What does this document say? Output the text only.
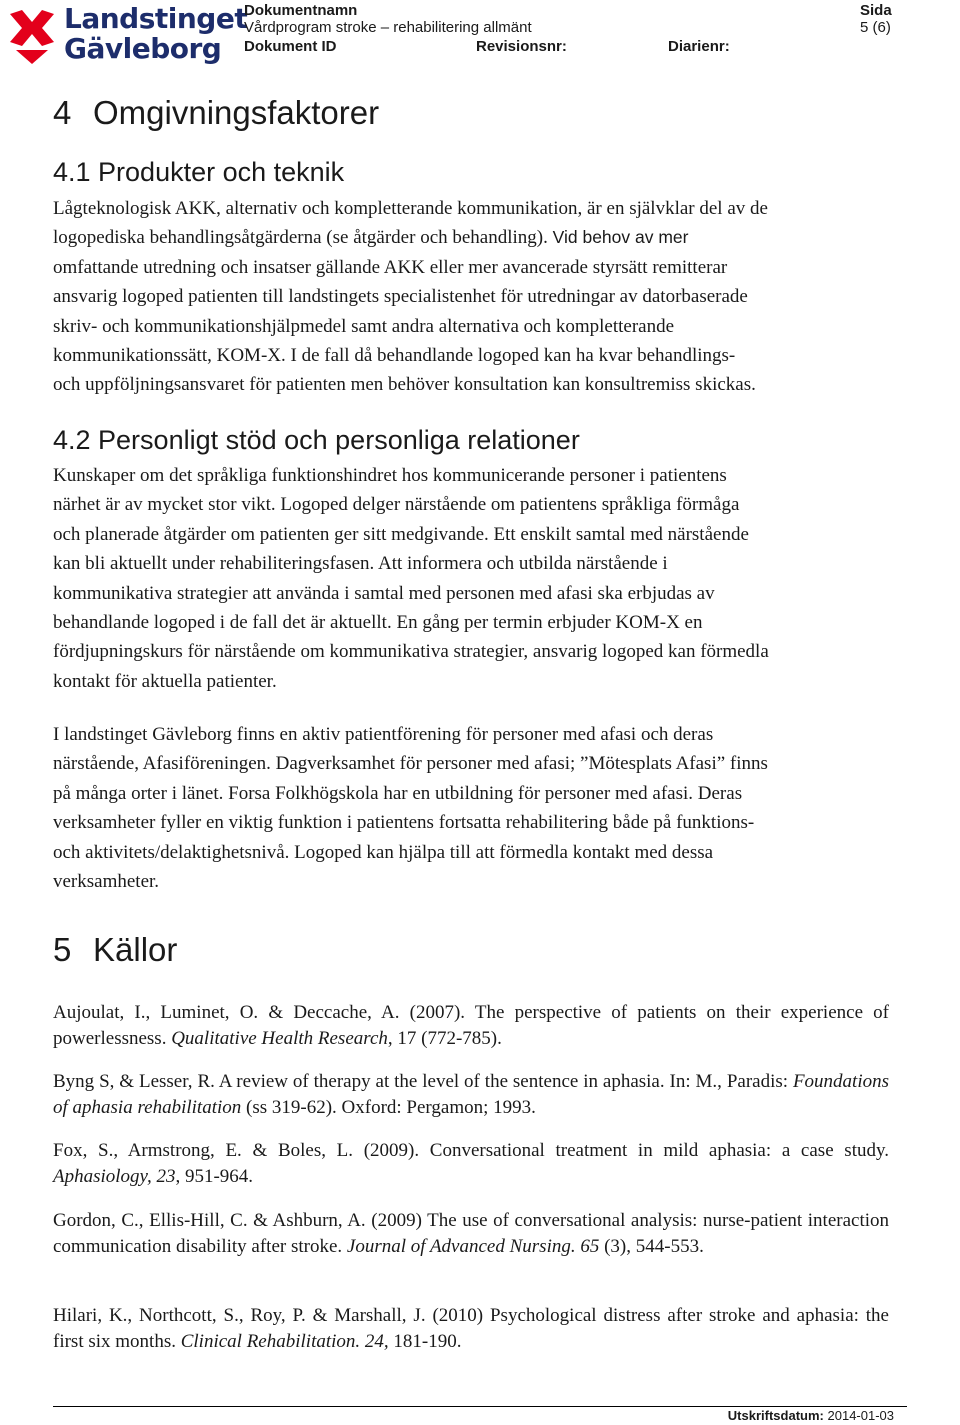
Landstinget
Gävleborg
Dokumentnamn
Vårdprogram stroke – rehabilitering allmänt
Dokument ID	Revisionsnr:	Diarienr:
Sida
5 (6)
4 Omgivningsfaktorer
4.1 Produkter och teknik
Lågteknologisk AKK, alternativ och kompletterande kommunikation, är en självklar del av de
logopediska behandlingsåtgärderna (se åtgärder och behandling). Vid behov av mer
omfattande utredning och insatser gällande AKK eller mer avancerade styrsätt remitterar
ansvarig logoped patienten till landstingets specialistenhet för utredningar av datorbaserade
skriv- och kommunikationshjälpmedel samt andra alternativa och kompletterande
kommunikationssätt, KOM-X. I de fall då behandlande logoped kan ha kvar behandlings-
och uppföljningsansvaret för patienten men behöver konsultation kan konsultremiss skickas.
4.2 Personligt stöd och personliga relationer
Kunskaper om det språkliga funktionshindret hos kommunicerande personer i patientens
närhet är av mycket stor vikt. Logoped delger närstående om patientens språkliga förmåga
och planerade åtgärder om patienten ger sitt medgivande. Ett enskilt samtal med närstående
kan bli aktuellt under rehabiliteringsfasen. Att informera och utbilda närstående i
kommunikativa strategier att använda i samtal med personen med afasi ska erbjudas av
behandlande logoped i de fall det är aktuellt. En gång per termin erbjuder KOM-X en
fördjupningskurs för närstående om kommunikativa strategier, ansvarig logoped kan förmedla
kontakt för aktuella patienter.
I landstinget Gävleborg finns en aktiv patientförening för personer med afasi och deras
närstående, Afasiföreningen. Dagverksamhet för personer med afasi; ”Mötesplats Afasi” finns
på många orter i länet. Forsa Folkhögskola har en utbildning för personer med afasi. Deras
verksamheter fyller en viktig funktion i patientens fortsatta rehabilitering både på funktions-
och aktivitets/delaktighetsnivå. Logoped kan hjälpa till att förmedla kontakt med dessa
verksamheter.
5 Källor
Aujoulat, I., Luminet, O. & Deccache, A. (2007). The perspective of patients on their experience of powerlessness. Qualitative Health Research, 17 (772-785).
Byng S, & Lesser, R. A review of therapy at the level of the sentence in aphasia. In: M., Paradis: Foundations of aphasia rehabilitation (ss 319-62). Oxford: Pergamon; 1993.
Fox, S., Armstrong, E. & Boles, L. (2009). Conversational treatment in mild aphasia: a case study. Aphasiology, 23, 951-964.
Gordon, C., Ellis-Hill, C. & Ashburn, A. (2009) The use of conversational analysis: nurse-patient interaction communication disability after stroke. Journal of Advanced Nursing. 65 (3), 544-553.
Hilari, K., Northcott, S., Roy, P. & Marshall, J. (2010) Psychological distress after stroke and aphasia: the first six months. Clinical Rehabilitation. 24, 181-190.
Utskriftsdatum: 2014-01-03
